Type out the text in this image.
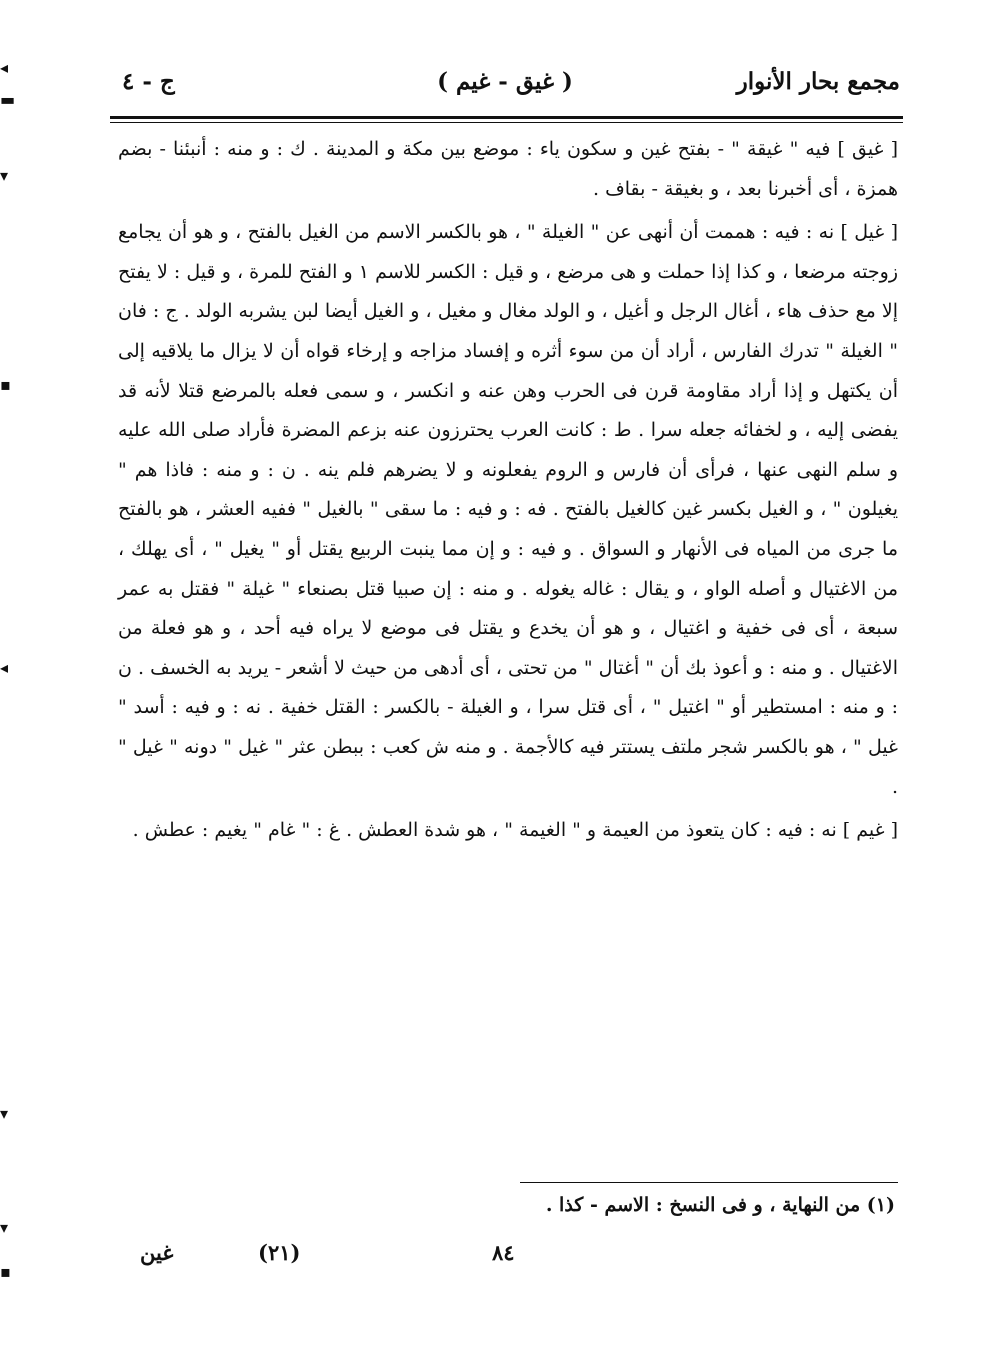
◂
▬
▾
▪
◂
▾
▾
▪
مجمع بحار الأنوار
( غيق - غيم )
ج - ٤

[ غيق ] فيه " غيقة " - بفتح غين و سكون ياء : موضع بين مكة و المدينة . ك : و منه : أنبئنا - بضم همزة ، أى أخبرنا بعد ، و بغيقة - بقاف .

[ غيل ] نه : فيه : هممت أن أنهى عن " الغيلة " ، هو بالكسر الاسم من الغيل بالفتح ، و هو أن يجامع زوجته مرضعا ، و كذا إذا حملت و هى مرضع ، و قيل : الكسر للاسم ١ و الفتح للمرة ، و قيل : لا يفتح إلا مع حذف هاء ، أغال الرجل و أغيل ، و الولد مغال و مغيل ، و الغيل أيضا لبن يشربه الولد . ج : فان " الغيلة " تدرك الفارس ، أراد أن من سوء أثره و إفساد مزاجه و إرخاء قواه أن لا يزال ما يلاقيه إلى أن يكتهل و إذا أراد مقاومة قرن فى الحرب وهن عنه و انكسر ، و سمى فعله بالمرضع قتلا لأنه قد يفضى إليه ، و لخفائه جعله سرا . ط : كانت العرب يحترزون عنه بزعم المضرة فأراد صلى الله عليه و سلم النهى عنها ، فرأى أن فارس و الروم يفعلونه و لا يضرهم فلم ينه . ن : و منه : فاذا هم " يغيلون " ، و الغيل بكسر غين كالغيل بالفتح . فه : و فيه : ما سقى " بالغيل " ففيه العشر ، هو بالفتح ما جرى من المياه فى الأنهار و السواق . و فيه : و إن مما ينبت الربيع يقتل أو " يغيل " ، أى يهلك ، من الاغتيال و أصله الواو ، و يقال : غاله يغوله . و منه : إن صبيا قتل بصنعاء " غيلة " فقتل به عمر سبعة ، أى فى خفية و اغتيال ، و هو أن يخدع و يقتل فى موضع لا يراه فيه أحد ، و هو فعلة من الاغتيال . و منه : و أعوذ بك أن " أغتال " من تحتى ، أى أدهى من حيث لا أشعر - يريد به الخسف . ن : و منه : امستطير أو " اغتيل " ، أى قتل سرا ، و الغيلة - بالكسر : القتل خفية . نه : و فيه : أسد " غيل " ، هو بالكسر شجر ملتف يستتر فيه كالأجمة . و منه ش كعب : ببطن عثر " غيل " دونه " غيل " .

[ غيم ] نه : فيه : كان يتعوذ من العيمة و " الغيمة " ، هو شدة العطش . غ : " غام " يغيم : عطش .

(١) من النهاية ، و فى النسخ : الاسم - كذا .
غين	(٢١)	٨٤
